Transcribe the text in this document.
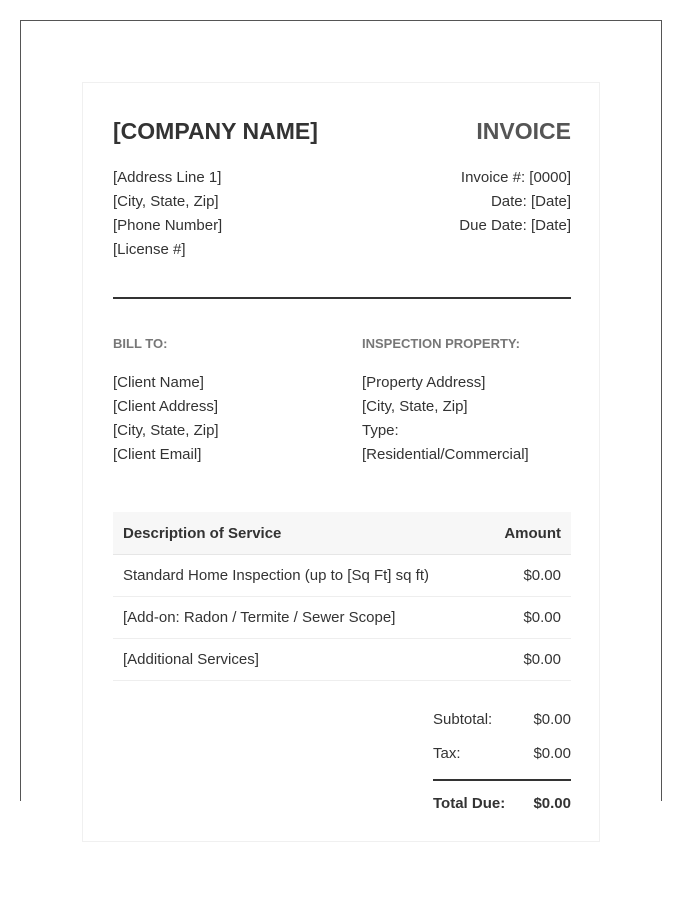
[COMPANY NAME]	INVOICE
[Address Line 1]
[City, State, Zip]
[Phone Number]
[License #]
Invoice #: [0000]
Date: [Date]
Due Date: [Date]
BILL TO:	INSPECTION PROPERTY:
[Client Name]
[Client Address]
[City, State, Zip]
[Client Email]
[Property Address]
[City, State, Zip]
Type:
[Residential/Commercial]
Description of Service	Amount
Standard Home Inspection (up to [Sq Ft] sq ft)	$0.00
[Add-on: Radon / Termite / Sewer Scope]	$0.00
[Additional Services]	$0.00
Subtotal:	$0.00
Tax:	$0.00
Total Due: $0.00
